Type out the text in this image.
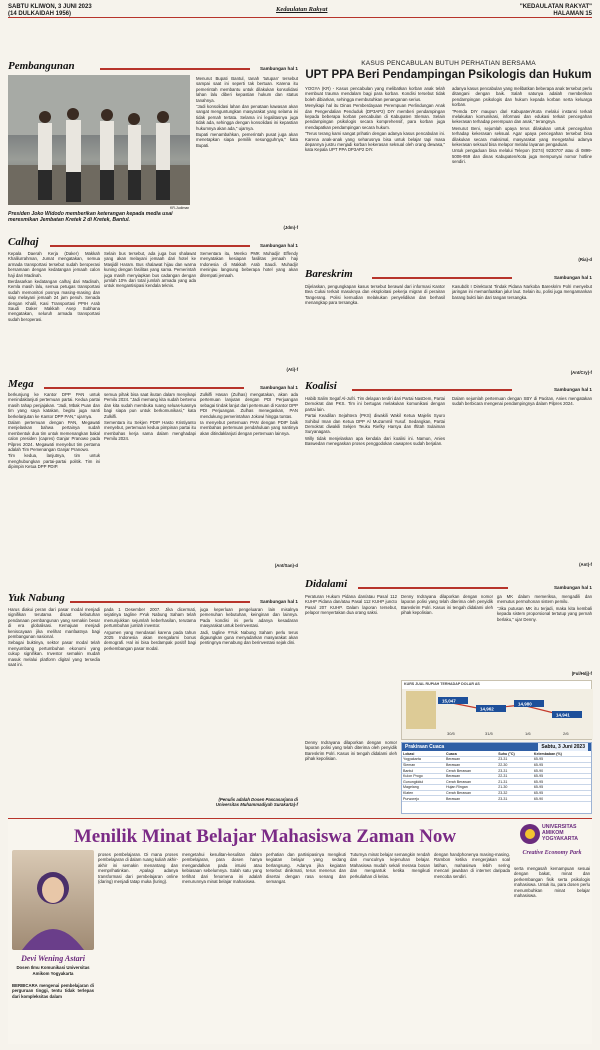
SABTU KLIWON, 3 JUNI 2023
(14 DULKAIDAH 1956)
Kedaulatan Rakyat	"KEDAULATAN RAKYAT"
HALAMAN 15
Pembangunan	Sambungan hal 1
KR-Judiman
Presiden Joko Widodo memberikan keterangan kepada media usai meresmikan Jembatan Kretek 2 di Kretek, Bantul.

Menurut Bupati Bantul, tanah 'tutupan' tersebut sampai saat ini seperti tak bertuan. Karena itu pemerintah membantu untuk dilakukan konsolidasi lahan lalu diberi kepastian hukum dan status tanahnya.

"Jadi konsolidasi lahan dan penataan kawasan akan sangat menguntungkan masyarakat yang selama ini tidak pernah tertata. Selama ini legalitasnya juga tidak ada, sehingga dengan konsolidasi ini kepastian hukumnya akan ada," ujarnya.

Bupati menambahkan, pemerintah pusat juga akan menetapkan siapa pemilik sesungguhnya," kata Bupati.

(Jdm)-f
KASUS PENCABULAN BUTUH PERHATIAN BERSAMA
UPT PPA Beri Pendampingan Psikologis dan Hukum

YOGYA (KR) - Kasus pencabulan yang melibatkan korban anak telah membuat trauma mendalam bagi para korban. Kondisi tersebut tidak boleh dibiarkan, sehingga membutuhkan penanganan serius.

Menyikapi hal itu Dinas Pemberdayaan Perempuan Perlindungan Anak dan Pengendalian Penduduk (DP3AP2) DIY memberi pendampingan kepada beberapa korban pencabulan di Kabupaten Sleman. Selain pendampingan psikologis secara komprehensif, para korban juga mendapatkan pendampingan secara hukum.

"Terus terang kami sangat prihatin dengan adanya kasus pencabulan ini. Karena anak-anak yang seharusnya bisa untuk belajar tapi masa depannya justru menjadi korban kekerasan seksual oleh orang dewasa," kata Kepala UPT PPA DP3AP2 DIY.

adanya kasus pencabulan yang melibatkan beberapa anak tersebut perlu ditangani dengan baik. Salah satunya adalah memberikan pendampingan psikologis dan hukum kepada korban serta keluarga korban.

"Pemda DIY maupun dari Kabupaten/Kota melalui instansi terkait melakukan komunikasi, informasi dan edukasi terkait pencegahan kekerasan terhadap perempuan dan anak," terangnya.

Menurut Beni, sejumlah upaya terus dilakukan untuk pencegahan terhadap kekerasan seksual. Agar upaya pencegahan tersebut bisa dilakukan secara maksimal, masyarakat yang mengetahui adanya kekerasan seksual bisa melapor melalui layanan pengaduan.

Untuk pengaduan bisa melalui Telepon (0274) 9230707 atau di 0899-5006-959 dan dinas Kabupaten/Kota juga mempunyai nomor hotline sendiri.

(Ria)-d
Calhaj	Sambungan hal 1

Kepala Daerah Kerja (Daker) Makkah Khalilurrahman, Jumat mengatakan, semua armada transportasi tersebut sudah beroperasi bersamaan dengan kedatangan jemaah calon haji dari Madinah.

Berdasarkan kedatangan calhaj dari Madinah, Kemla masih lalu, semua petugas transportasi sudah memonitori posnya masing-masing dan siap melayani jemaah 24 jam penuh. Senada dengan Khalil, Kasi Transportasi PPIH Arab Saudi Daker Makkah Asep Subhana mengatakan, seluruh armada transportasi sudah beroperasi.

Selain bus tersebut, ada juga bus shalawat yang akan melayani jemaah dari hotel ke Masjidil Haram. Bus shalawat hijau dan warna kuning dengan fasilitas yang sama. Pemerintah juga masih menyiapkan bus cadangan dengan jumlah 10% dari total jumlah armada yang ada untuk mengantisipasi kendala teknis.

Sementara itu, Menko PMK Muhadjir Effendy menyatakan kesiapan fasilitas jemaah haji Indonesia di Makkah Arab Saudi. Muhadjir meninjau langsung beberapa hotel yang akan ditempati jemaah.

(Ati)-f
Bareskrim	Sambungan hal 1

Dijelaskan, pengungkapan kasus tersebut berawal dari informasi Kantor Bea Cukai terkait masuknya dan eksploitasi pekerja migran di perairan Tangerang. Polisi kemudian melakukan penyelidikan dan berhasil menangkap para tersangka.

Kasubdit I Direktorat Tindak Pidana Narkoba Bareskrim Polri menyebut jaringan ini memanfaatkan jalur laut. Selain itu, polisi juga mengamankan barang bukti lain dari tangan tersangka.

(Ant/Cry)-f
Mega	Sambungan hal 1

berkunjung ke Kantor DPP PAN untuk menindaklanjuti pertemuan partai. Kedua partai masih tahap penjajakan. "Jadi, Mbak Puan dan tim yang saya katakan, begitu juga nanti berkelanjutan ke Kantor DPP PAN," ujarnya.

Dalam pertemuan dengan PAN, Megawati menjelaskan bahwa pertainya sudah membentuk dua tim untuk memenangkan bakal calon presiden (capres) Ganjar Pranowo pada Pilpres 2024. Megawati menyebut tim pertama adalah Tim Pemenangan Ganjar Pranowo.

Tim kedua, lanjutnya, tim untuk menghubungkan partai-partai politik. Tim ini dipimpin Ketua DPP PDIP.

semua pihak bisa saat ikutan dalam menyikapi Pemilu 2024. "Jadi memang kita sudah bertemu dan kita sudah membuka ruang seluas-luasnya bagi siapa pun untuk berkomunikasi," kata Zulkifli.

Sementara itu Sekjen PDIP Hasto Kristiyanto menyebut, pertemuan kedua pimpinan partai itu membahas kerja sama dalam menghadapi Pemilu 2024.

Zulkifli Hasan (Zulhas) mengatakan, akan ada pertemuan lanjutan dengan PDI Perjuangan sebagai tindak lanjut dari pertemuan di Kantor DPP PDI Perjuangan. Zulhas menegaskan, PAN mendukung pemerintahan Jokowi hingga tuntas.

Ia menyebut pertemuan PAN dengan PDIP baik membahas pertemuan pendahuluan yang nantinya akan ditindaklanjuti dengan pertemuan lainnya.

(Ant/San)-d
Koalisi	Sambungan hal 1

Habib Salim Segaf Al-Jufri. Tim delapan terdiri dari Partai NasDem, Partai Demokrat dan PKS. Tim ini bertugas melakukan komunikasi dengan partai lain.

Partai Keadilan Sejahtera (PKS) diwakili Wakil Ketua Majelis Syuro Sohibul Iman dan Ketua DPP Al Muzammil Yusuf. Sedangkan, Partai Demokrat diwakili Sekjen Teuku Riefky Harsya dan Iftitah Sulaiman Suryanagara.

Willy tidak menjelaskan apa kendala dari koalisi ini. Namun, Anies Baswedan menegaskan proses penggodokan cawapres sudah berjalan.

Dalam sejumlah pertemuan dengan SBY di Pacitan, Anies mengatakan sudah berbicara mengenai pendampingnya dalam Pilpres 2024.

(Ant)-f
Yuk Nabung	Sambungan hal 1

Harus diakui peran dari pasar modal menjadi signifikan terutama disaat kebutuhan pendanaan pembangunan yang semakin besar di era globalisasi. Kemajuan menjadi keniscayaan jika melihat manfaatnya bagi pembangunan nasional.

Sebagai buktinya, sektor pasar modal telah menyumbang pertumbuhan ekonomi yang cukup signifikan. Investor semakin mudah masuk melalui platform digital yang tersedia saat ini.

pada 1 Desember 2007. Jika dicermati, sejatinya tagline #Yuk Nabung Saham telah menunjukkan sejumlah keberhasilan, terutama pertumbuhan jumlah investor.

Argumen yang mendasari karena pada tahun 2025 Indonesia akan mengalami bonus demografi. Hal ini bisa berdampak positif bagi perkembangan pasar modal.

juga keperluan pengeluaran lain misalnya pemenuhan kebutuhan, keinginan dan lainnya. Pada kondisi ini perlu adanya kesadaran masyarakat untuk berinvestasi.

Jadi, tagline #Yuk Nabung Saham perlu terus digaungkan guna menyadarkan masyarakat akan pentingnya menabung dan berinvestasi sejak dini.

(Penulis adalah Dosen Pascasarjana di Universitas Muhammadiyah Surakarta)-f
Didalami	Sambungan hal 1

Peraturan Hukum Pidana dan/atau Pasal 112 KUHP Pidana dan/atau Pasal 112 KUHP juncto Pasal 207 KUHP. Dalam laporan tersebut, pelapor menyertakan dua orang saksi.

Denny Indrayana dilaporkan dengan nomor laporan polisi yang telah diterima oleh penyidik Bareskrim Polri. Kasus ini tengah didalami oleh pihak kepolisian.

ga MK dalam memeriksa, mengadili dan memutus permohonan sistem pemilu.

"Jika putusan MK itu terjadi, maka kita kembali kepada sistem proporsional tertutup yang pernah berlaku," ujar Denny.

(Ful/Hdj)-f

Denny Indrayana dilaporkan dengan nomor laporan polisi yang telah diterima oleh penyidik Bareskrim Polri. Kasus ini tengah didalami oleh pihak kepolisian.

KURS JUAL RUPIAH TERHADAP DOLAR AS
15,047
14,962
14,980
14,941
30/5	31/5	1/6	2/6
Prakiraan Cuaca	Sabtu, 3 Juni 2023
Lokasi	Cuaca	Suhu (°C)	Kelembaban (%)
Yogyakarta	Berawan	23-31	65-95
Sleman	Berawan	22-30	65-95
Bantul	Cerah Berawan	23-31	65-90
Kulon Progo	Berawan	22-31	65-95
Gunungkidul	Cerah Berawan	21-31	65-95
Magelang	Hujan Ringan	21-30	65-95
Klaten	Cerah Berawan	23-32	65-95
Purworejo	Berawan	23-31	65-90
Menilik Minat Belajar Mahasiswa Zaman Now
Devi Wening Astari
Dosen Ilmu Komunikasi Universitas Amikom Yogyakarta
BERBICARA mengenai pembelajaran di perguruan tinggi, tentu tidak terlepas dari kompleksitas dalam
proses pembelajaran. Di mana proses pembelajaran di dalam ruang kuliah akhir-akhir ini semakin menantang dan memprihatinkan. Apalagi adanya transformasi dari pembelajaran online (daring) menjadi tatap muka (luring).
mengetahui kesulitan-kesulitan dalam pembelajaran, para dosen hanya mengandalkan pada intuisi atau kebiasaan sebelumnya. Salah satu yang terlihat dari fenomena ini adalah menurunnya minat belajar mahasiswa.
perhatian dan partisipasinya mengikuti kegiatan belajar yang sedang berlangsung. Adanya jika kegiatan tersebut dinikmati, terus menerus dan disertai dengan rasa senang dan semangat.
Tuturnya minat belajar semangkin rendah dan munculnya kejenuhan belajar. Mahasiswa mudah sekali merasa bosan dan mengantuk ketika mengikuti perkuliahan di kelas.
dengan handphonenya masing-masing. Rambon ketika mengerjakan soal latihan, mahasiswa lebih sering mencari jawaban di internet daripada mencoba sendiri.
UNIVERSITAS AMIKOM YOGYAKARTA
Creative Economy Park
serta mengasah kemampuan sesuai dengan bakat, minat dan perkembangan fisik serta psikologis mahasiswa. Untuk itu, para dosen perlu menumbuhkan minat belajar mahasiswa.
